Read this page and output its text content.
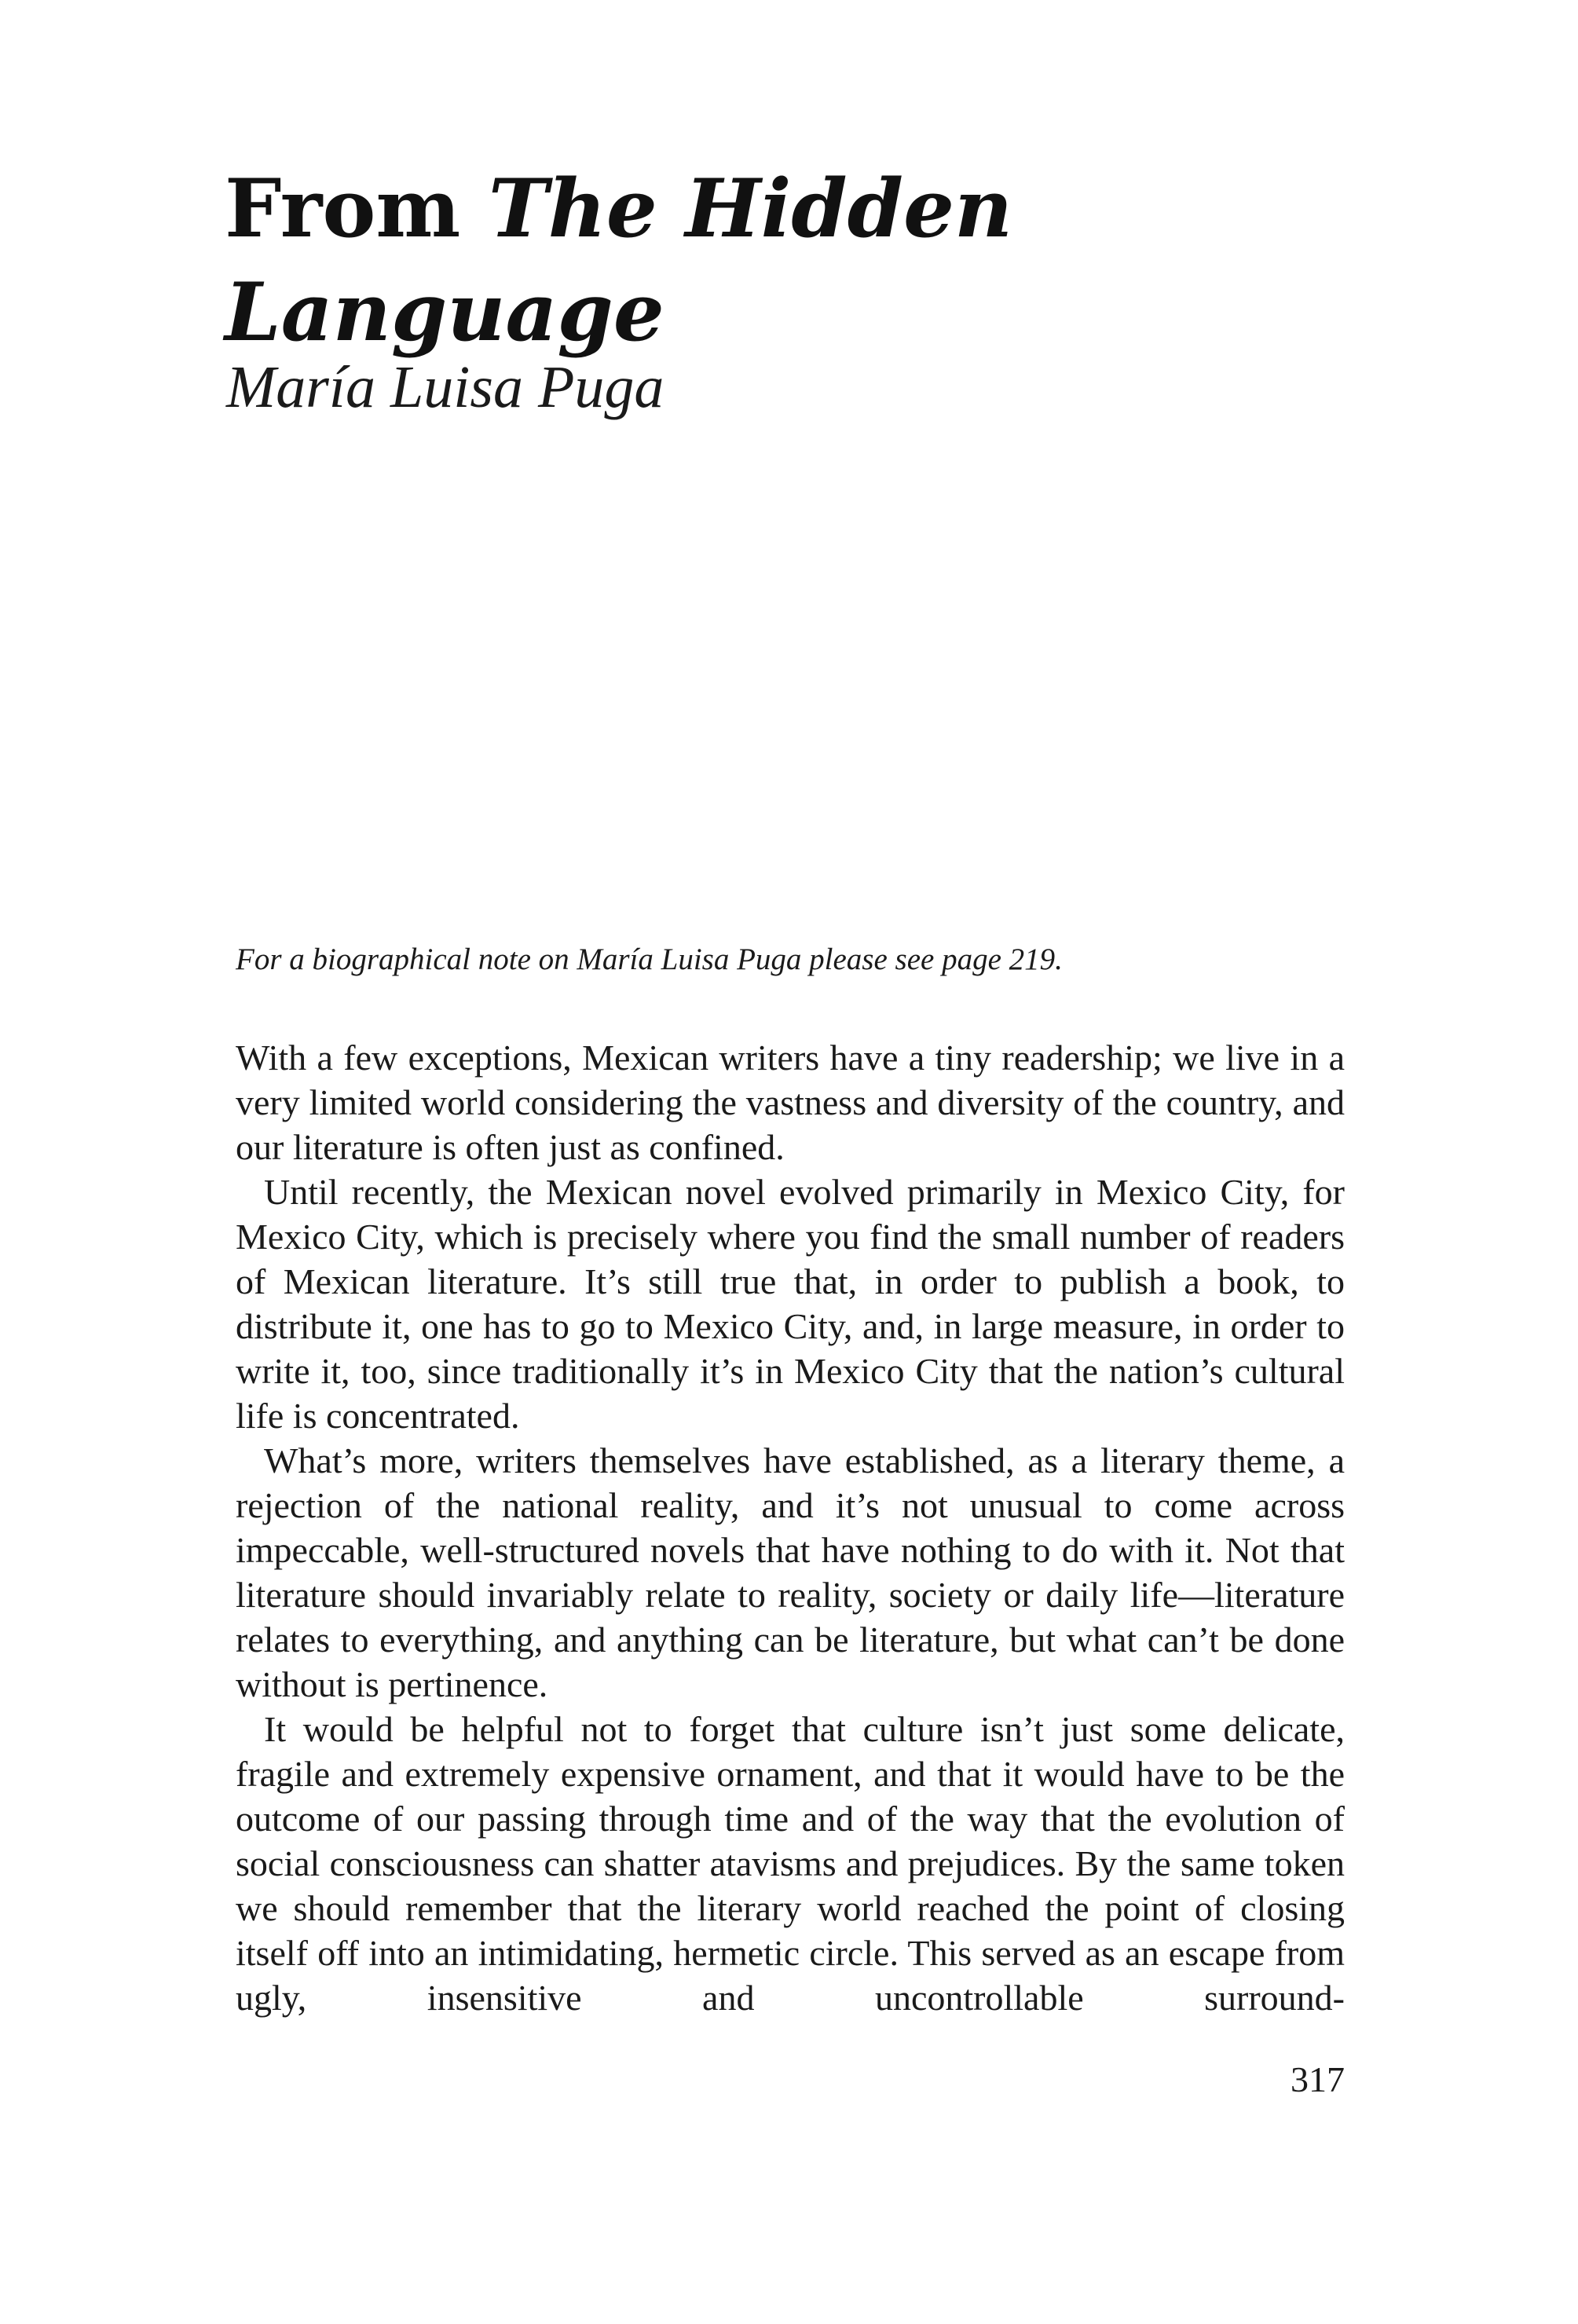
From The Hidden Language

María Luisa Puga

For a biographical note on María Luisa Puga please see page 219.

With a few exceptions, Mexican writers have a tiny readership; we live in a very limited world considering the vastness and diversity of the country, and our literature is often just as confined.

Until recently, the Mexican novel evolved primarily in Mexico City, for Mexico City, which is precisely where you find the small number of readers of Mexican literature. It’s still true that, in order to publish a book, to distribute it, one has to go to Mexico City, and, in large measure, in order to write it, too, since traditionally it’s in Mexico City that the nation’s cultural life is concentrated.

What’s more, writers themselves have established, as a literary theme, a rejection of the national reality, and it’s not unusual to come across impeccable, well-structured novels that have nothing to do with it. Not that literature should invariably relate to reality, society or daily life—literature relates to everything, and anything can be literature, but what can’t be done without is pertinence.

It would be helpful not to forget that culture isn’t just some delicate, fragile and extremely expensive ornament, and that it would have to be the outcome of our passing through time and of the way that the evolution of social consciousness can shatter atavisms and prejudices. By the same token we should remember that the literary world reached the point of closing itself off into an intimidating, hermetic circle. This served as an escape from ugly, insensitive and uncontrollable surround-

317
